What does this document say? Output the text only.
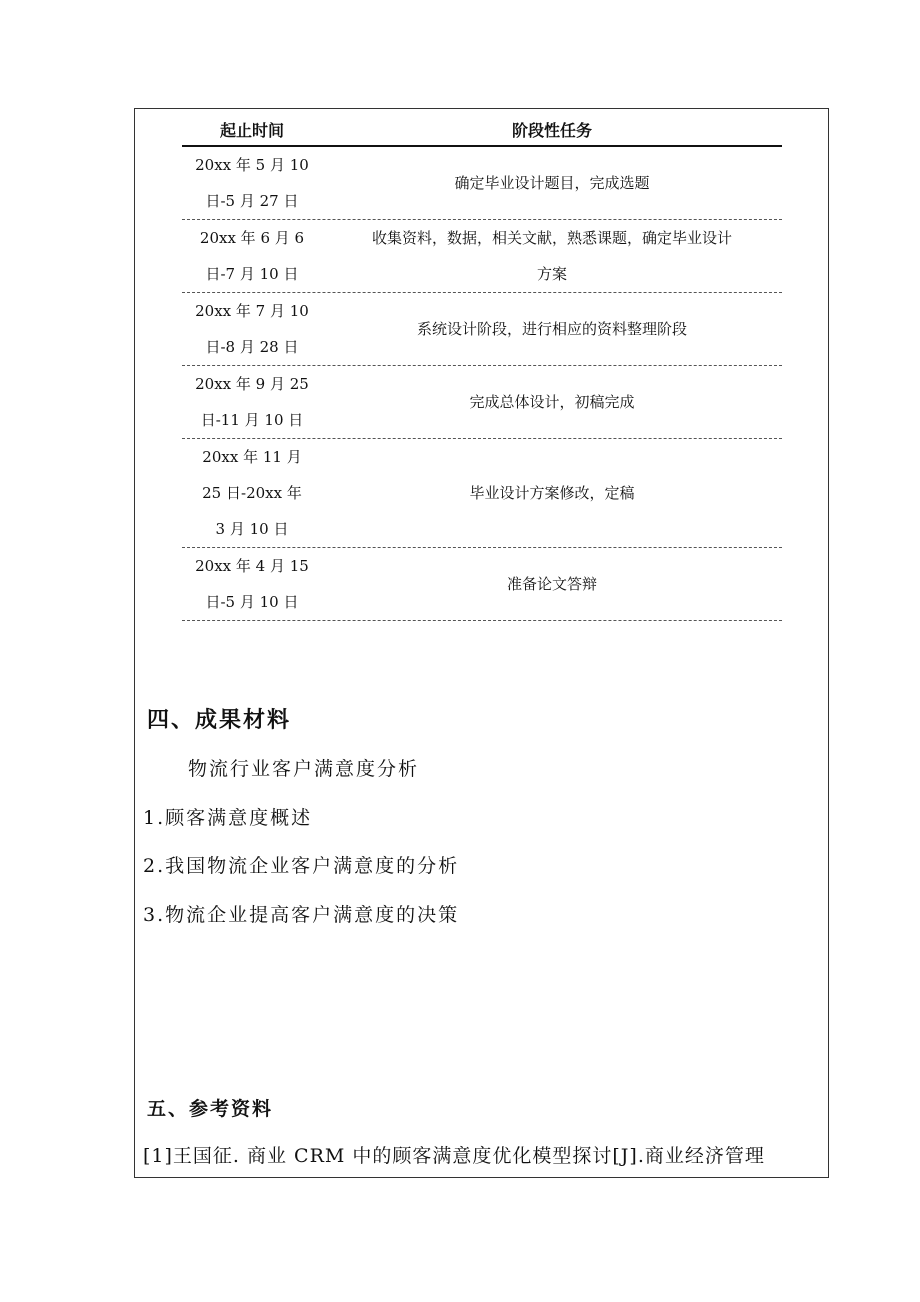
起止时间	阶段性任务
20xx 年 5 月 10
日-5 月 27 日
确定毕业设计题目，完成选题
20xx 年 6 月 6
日-7 月 10 日
收集资料，数据，相关文献，熟悉课题，确定毕业设计
方案
20xx 年 7 月 10
日-8 月 28 日
系统设计阶段，进行相应的资料整理阶段
20xx 年 9 月 25
日-11 月 10 日
完成总体设计，初稿完成
20xx 年 11 月
25 日-20xx 年
3 月 10 日
毕业设计方案修改，定稿
20xx 年 4 月 15
日-5 月 10 日
准备论文答辩
四、成果材料
物流行业客户满意度分析
1.顾客满意度概述
2.我国物流企业客户满意度的分析
3.物流企业提高客户满意度的决策
五、参考资料
[1]王国征. 商业 CRM 中的顾客满意度优化模型探讨[J].商业经济管理
